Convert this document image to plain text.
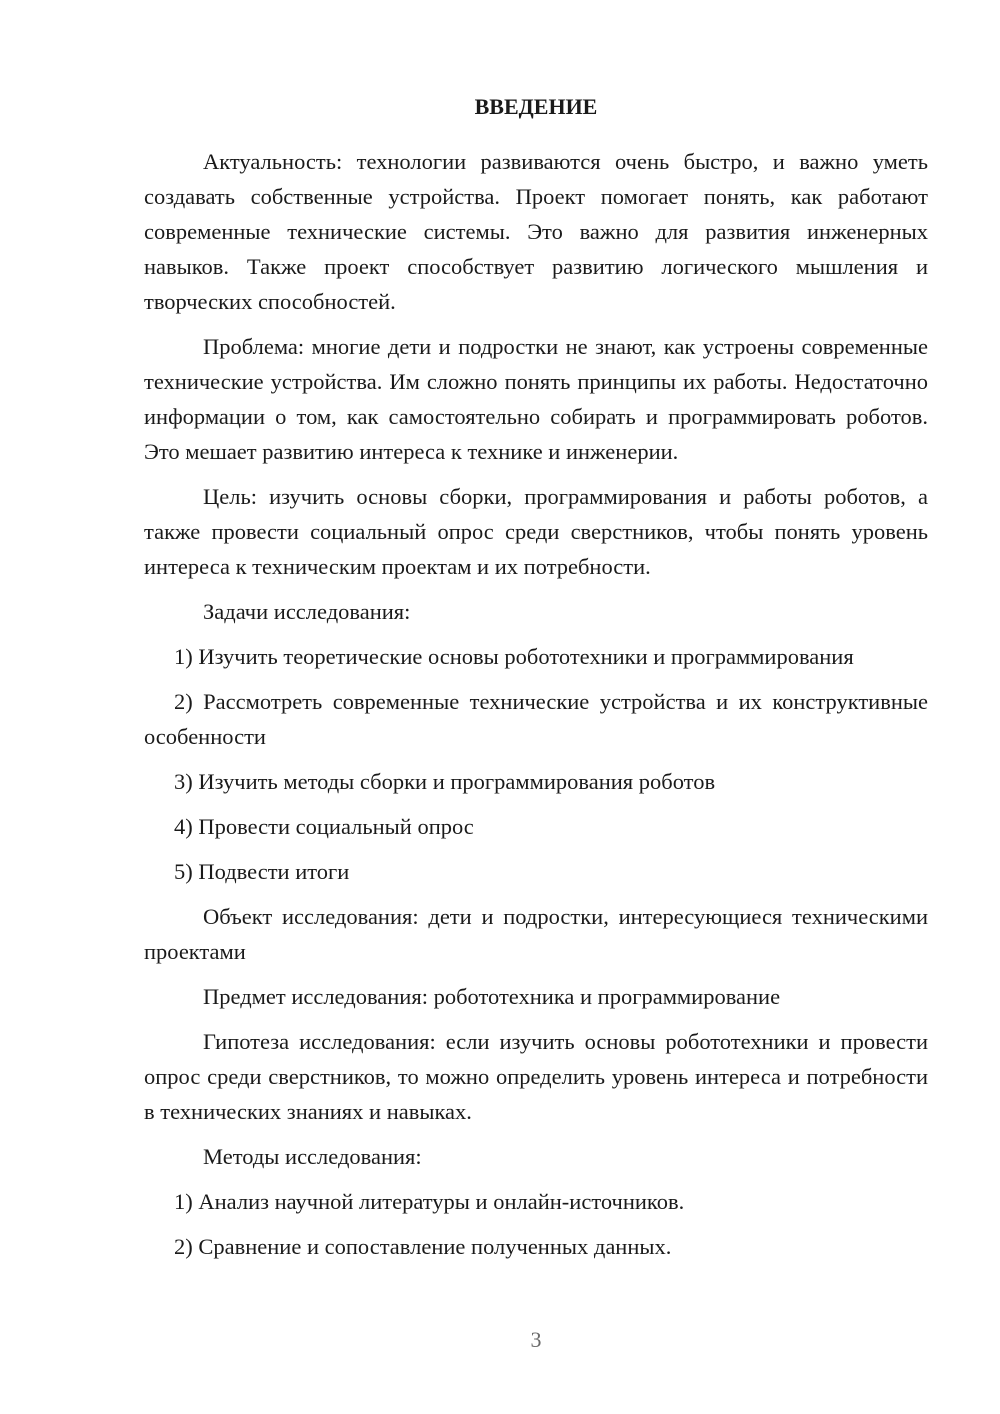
ВВЕДЕНИЕ

Актуальность: технологии развиваются очень быстро, и важно уметь создавать собственные устройства. Проект помогает понять, как работают современные технические системы. Это важно для развития инженерных навыков. Также проект способствует развитию логического мышления и творческих способностей.

Проблема: многие дети и подростки не знают, как устроены современные технические устройства. Им сложно понять принципы их работы. Недостаточно информации о том, как самостоятельно собирать и программировать роботов. Это мешает развитию интереса к технике и инженерии.

Цель: изучить основы сборки, программирования и работы роботов, а также провести социальный опрос среди сверстников, чтобы понять уровень интереса к техническим проектам и их потребности.

Задачи исследования:

1) Изучить теоретические основы робототехники и программирования

2) Рассмотреть современные технические устройства и их конструктивные особенности

3) Изучить методы сборки и программирования роботов

4) Провести социальный опрос

5) Подвести итоги

Объект исследования: дети и подростки, интересующиеся техническими проектами

Предмет исследования: робототехника и программирование

Гипотеза исследования: если изучить основы робототехники и провести опрос среди сверстников, то можно определить уровень интереса и потребности в технических знаниях и навыках.

Методы исследования:

1) Анализ научной литературы и онлайн-источников.

2) Сравнение и сопоставление полученных данных.

3
